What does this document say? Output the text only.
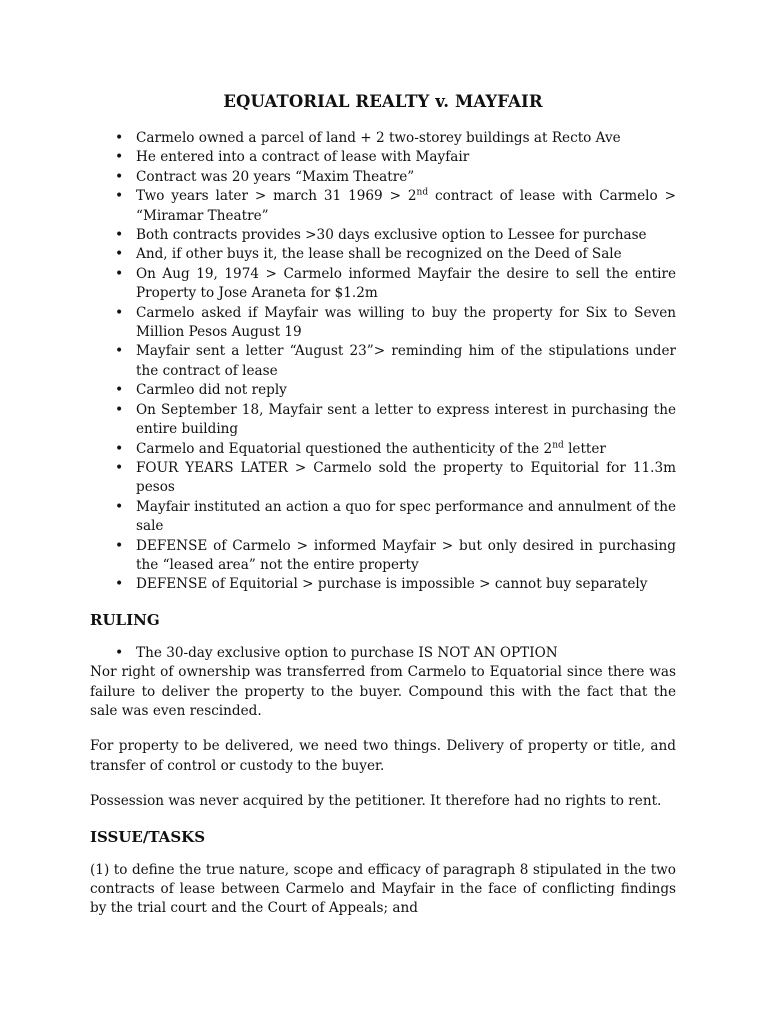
EQUATORIAL REALTY v. MAYFAIR
• Carmelo owned a parcel of land + 2 two-storey buildings at Recto Ave
• He entered into a contract of lease with Mayfair
• Contract was 20 years “Maxim Theatre”
• Two years later > march 31 1969 > 2nd contract of lease with Carmelo > “Miramar Theatre”
• Both contracts provides >30 days exclusive option to Lessee for purchase
• And, if other buys it, the lease shall be recognized on the Deed of Sale
• On Aug 19, 1974 > Carmelo informed Mayfair the desire to sell the entire Property to Jose Araneta for $1.2m
• Carmelo asked if Mayfair was willing to buy the property for Six to Seven Million Pesos August 19
• Mayfair sent a letter “August 23”> reminding him of the stipulations under the contract of lease
• Carmleo did not reply
• On September 18, Mayfair sent a letter to express interest in purchasing the entire building
• Carmelo and Equatorial questioned the authenticity of the 2nd letter
• FOUR YEARS LATER > Carmelo sold the property to Equitorial for 11.3m pesos
• Mayfair instituted an action a quo for spec performance and annulment of the sale
• DEFENSE of Carmelo > informed Mayfair > but only desired in purchasing the “leased area” not the entire property
• DEFENSE of Equitorial > purchase is impossible > cannot buy separately
RULING
• The 30-day exclusive option to purchase IS NOT AN OPTION

Nor right of ownership was transferred from Carmelo to Equatorial since there was failure to deliver the property to the buyer. Compound this with the fact that the sale was even rescinded.

For property to be delivered, we need two things. Delivery of property or title, and transfer of control or custody to the buyer.

Possession was never acquired by the petitioner. It therefore had no rights to rent.

ISSUE/TASKS

(1) to define the true nature, scope and efficacy of paragraph 8 stipulated in the two contracts of lease between Carmelo and Mayfair in the face of conflicting findings by the trial court and the Court of Appeals; and
